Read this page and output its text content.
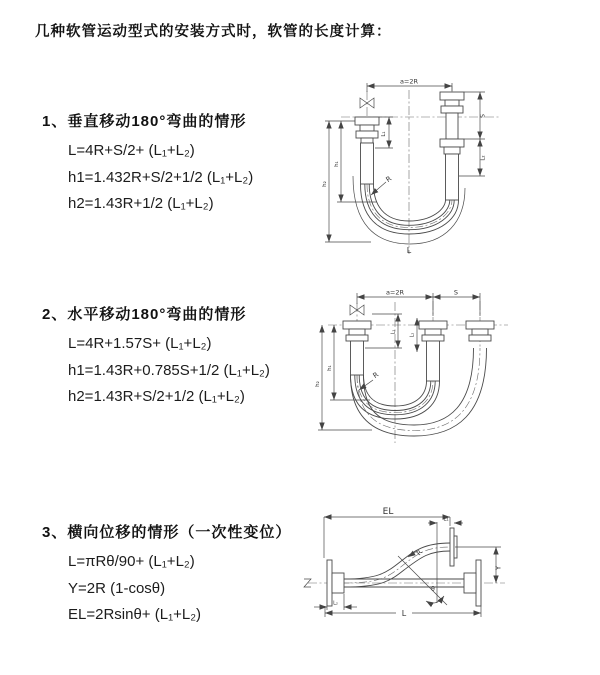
几种软管运动型式的安装方式时，软管的长度计算：
1、垂直移动180°弯曲的情形
L=4R+S/2+ (L₁+L₂)
h1=1.432R+S/2+1/2 (L₁+L₂)
h2=1.43R+1/2 (L₁+L₂)
2、水平移动180°弯曲的情形
L=4R+1.57S+ (L₁+L₂)
h1=1.43R+0.785S+1/2 (L₁+L₂)
h2=1.43R+S/2+1/2 (L₁+L₂)
3、横向位移的情形（一次性变位）
L=πRθ/90+ (L₁+L₂)
Y=2R (1-cosθ)
EL=2Rsinθ+ (L₁+L₂)
a=2R
L₁
h₁
h₂
S
L₂
R
L
a=2R	S
h₁
h₂
L₁
L₂
R
EL
L₁
θ
Y
R
L
L₂
